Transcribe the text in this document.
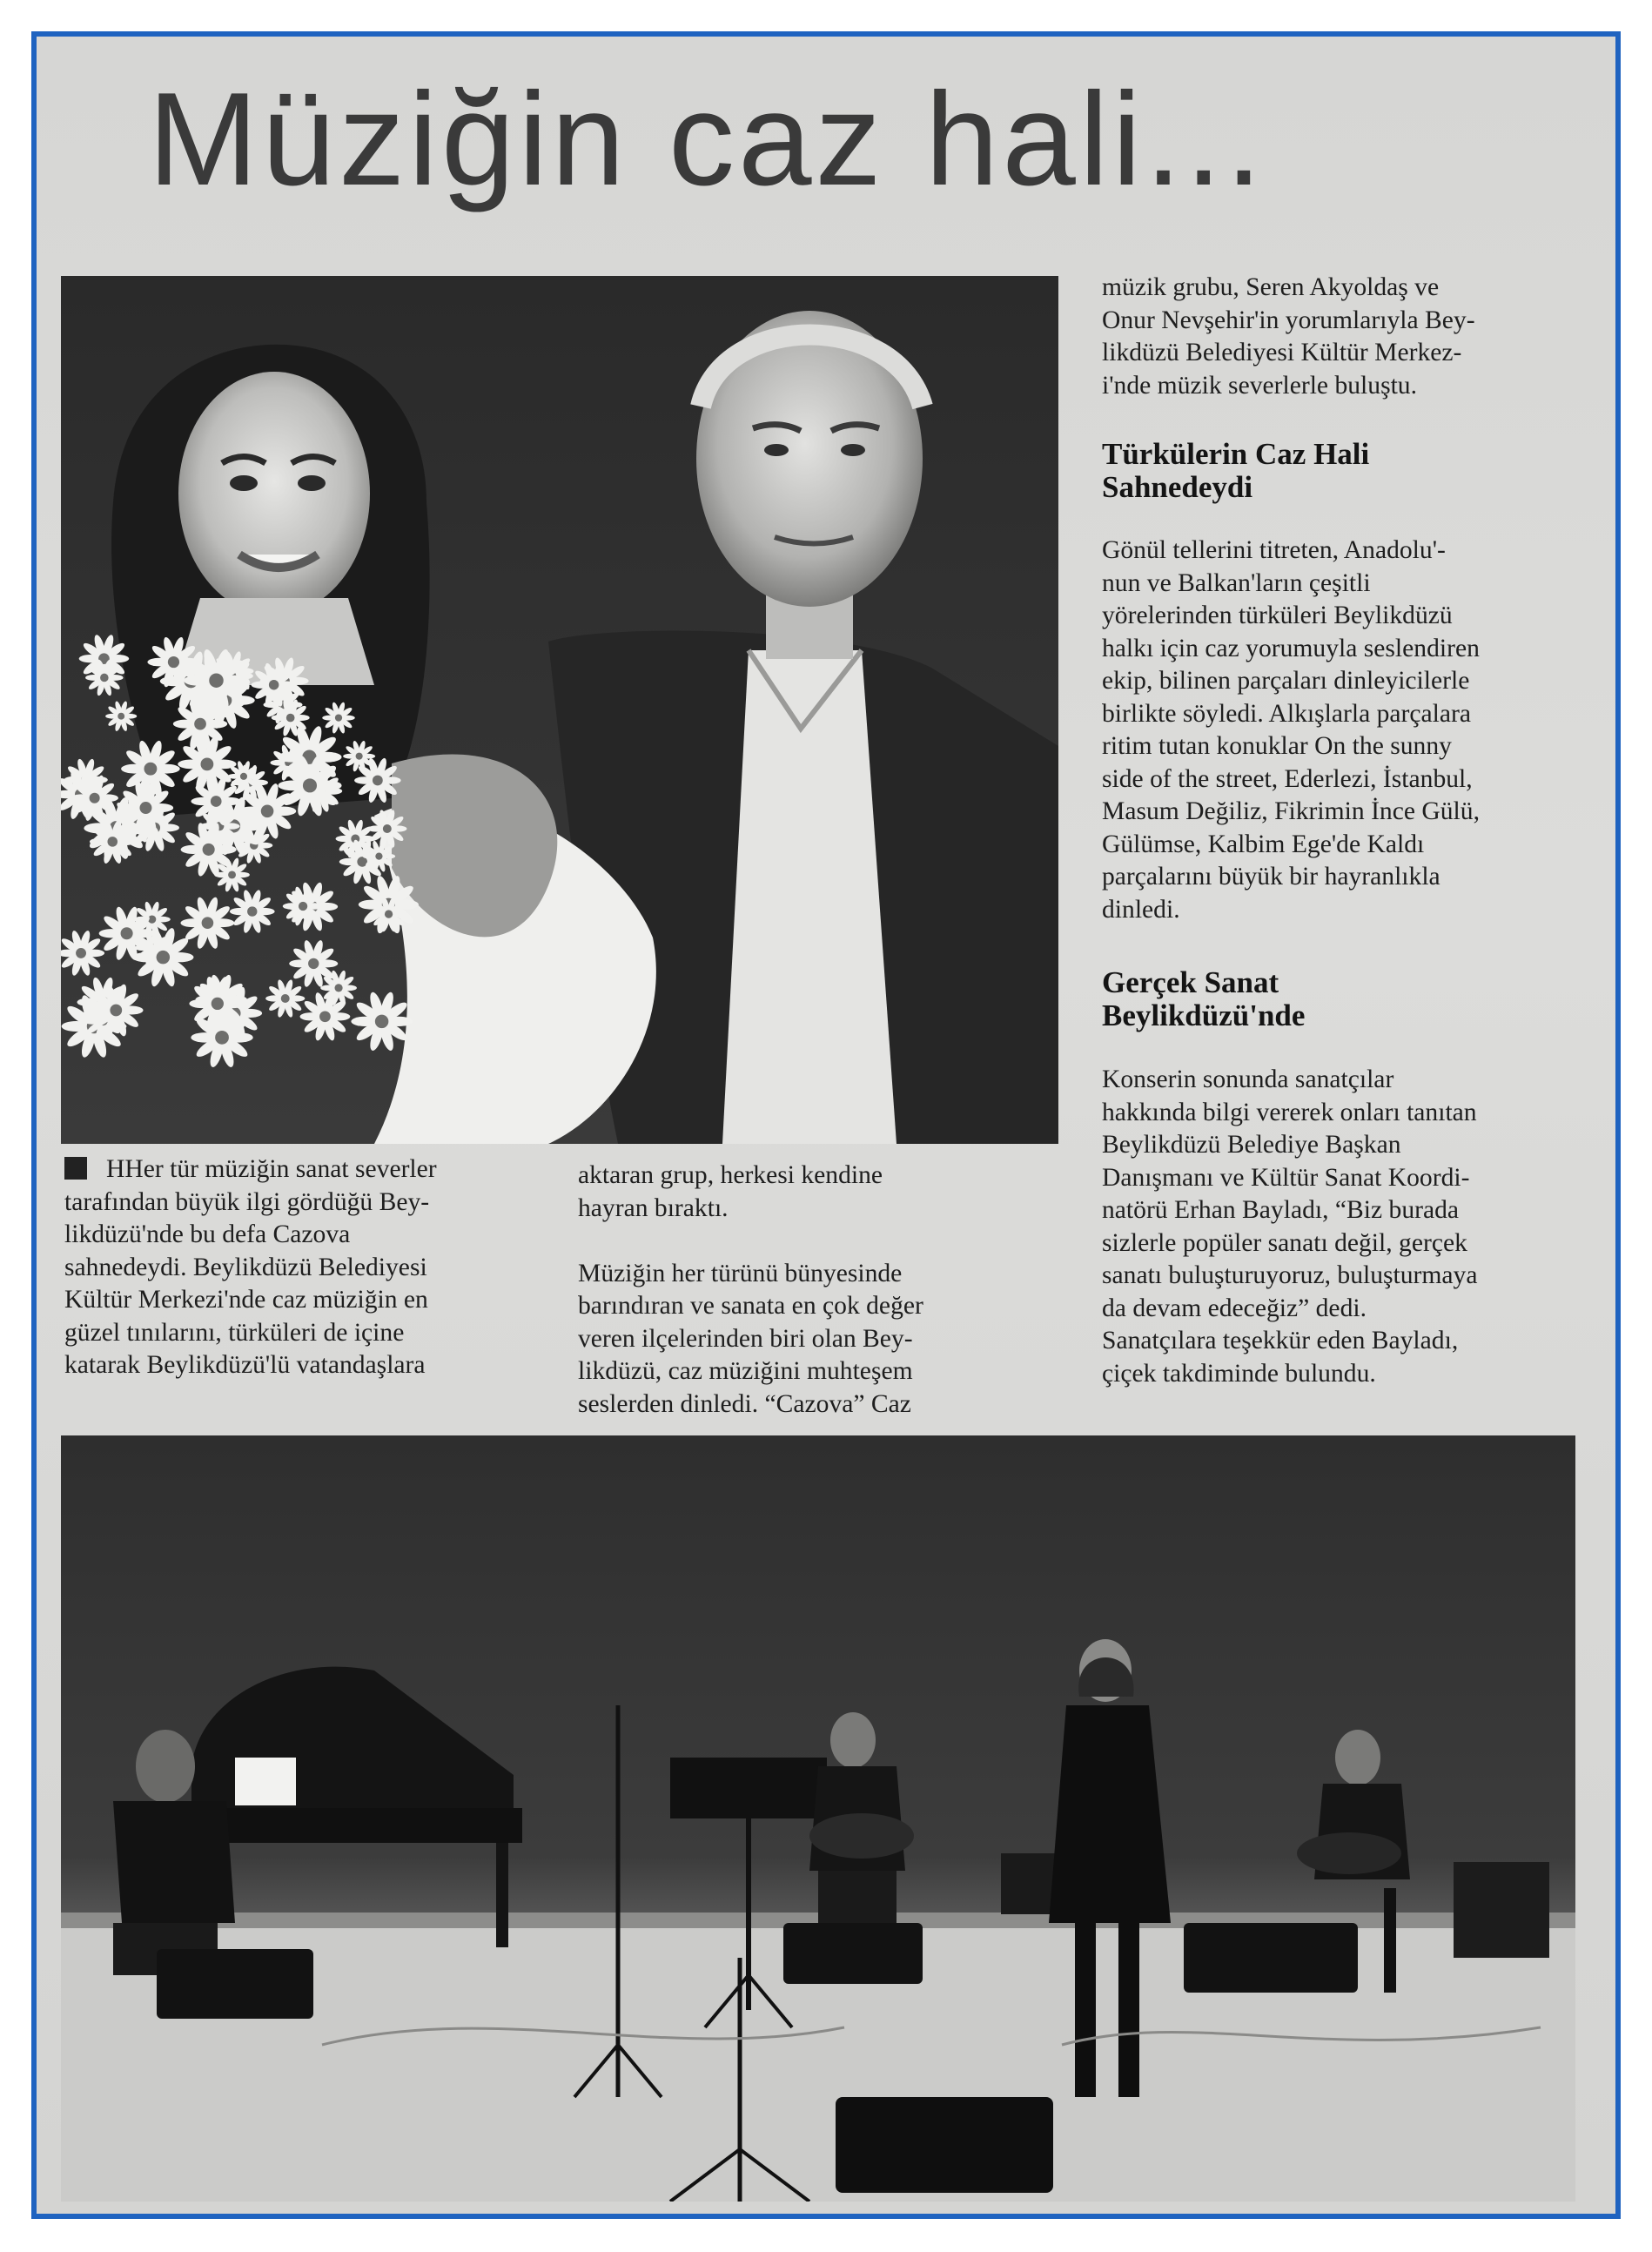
Müziğin caz hali...

HHer tür müziğin sanat severler

tarafından büyük ilgi gördüğü Bey-

likdüzü'nde bu defa Cazova

sahnedeydi. Beylikdüzü Belediyesi

Kültür Merkezi'nde caz müziğin en

güzel tınılarını, türküleri de içine

katarak Beylikdüzü'lü vatandaşlara

aktaran grup, herkesi kendine

hayran bıraktı.

Müziğin her türünü bünyesinde

barındıran ve sanata en çok değer

veren ilçelerinden biri olan Bey-

likdüzü, caz müziğini muhteşem

seslerden dinledi. “Cazova” Caz

müzik grubu, Seren Akyoldaş ve

Onur Nevşehir'in yorumlarıyla Bey-

likdüzü Belediyesi Kültür Merkez-

i'nde müzik severlerle buluştu.

Türkülerin Caz Hali

Sahnedeydi

Gönül tellerini titreten, Anadolu'-

nun ve Balkan'ların çeşitli

yörelerinden türküleri Beylikdüzü

halkı için caz yorumuyla seslendiren

ekip, bilinen parçaları dinleyicilerle

birlikte söyledi. Alkışlarla parçalara

ritim tutan konuklar On the sunny

side of the street, Ederlezi, İstanbul,

Masum Değiliz, Fikrimin İnce Gülü,

Gülümse, Kalbim Ege'de Kaldı

parçalarını büyük bir hayranlıkla

dinledi.

Gerçek Sanat

Beylikdüzü'nde

Konserin sonunda sanatçılar

hakkında bilgi vererek onları tanıtan

Beylikdüzü Belediye Başkan

Danışmanı ve Kültür Sanat Koordi-

natörü Erhan Bayladı, “Biz burada

sizlerle popüler sanatı değil, gerçek

sanatı buluşturuyoruz, buluşturmaya

da devam edeceğiz” dedi.

Sanatçılara teşekkür eden Bayladı,

çiçek takdiminde bulundu.
